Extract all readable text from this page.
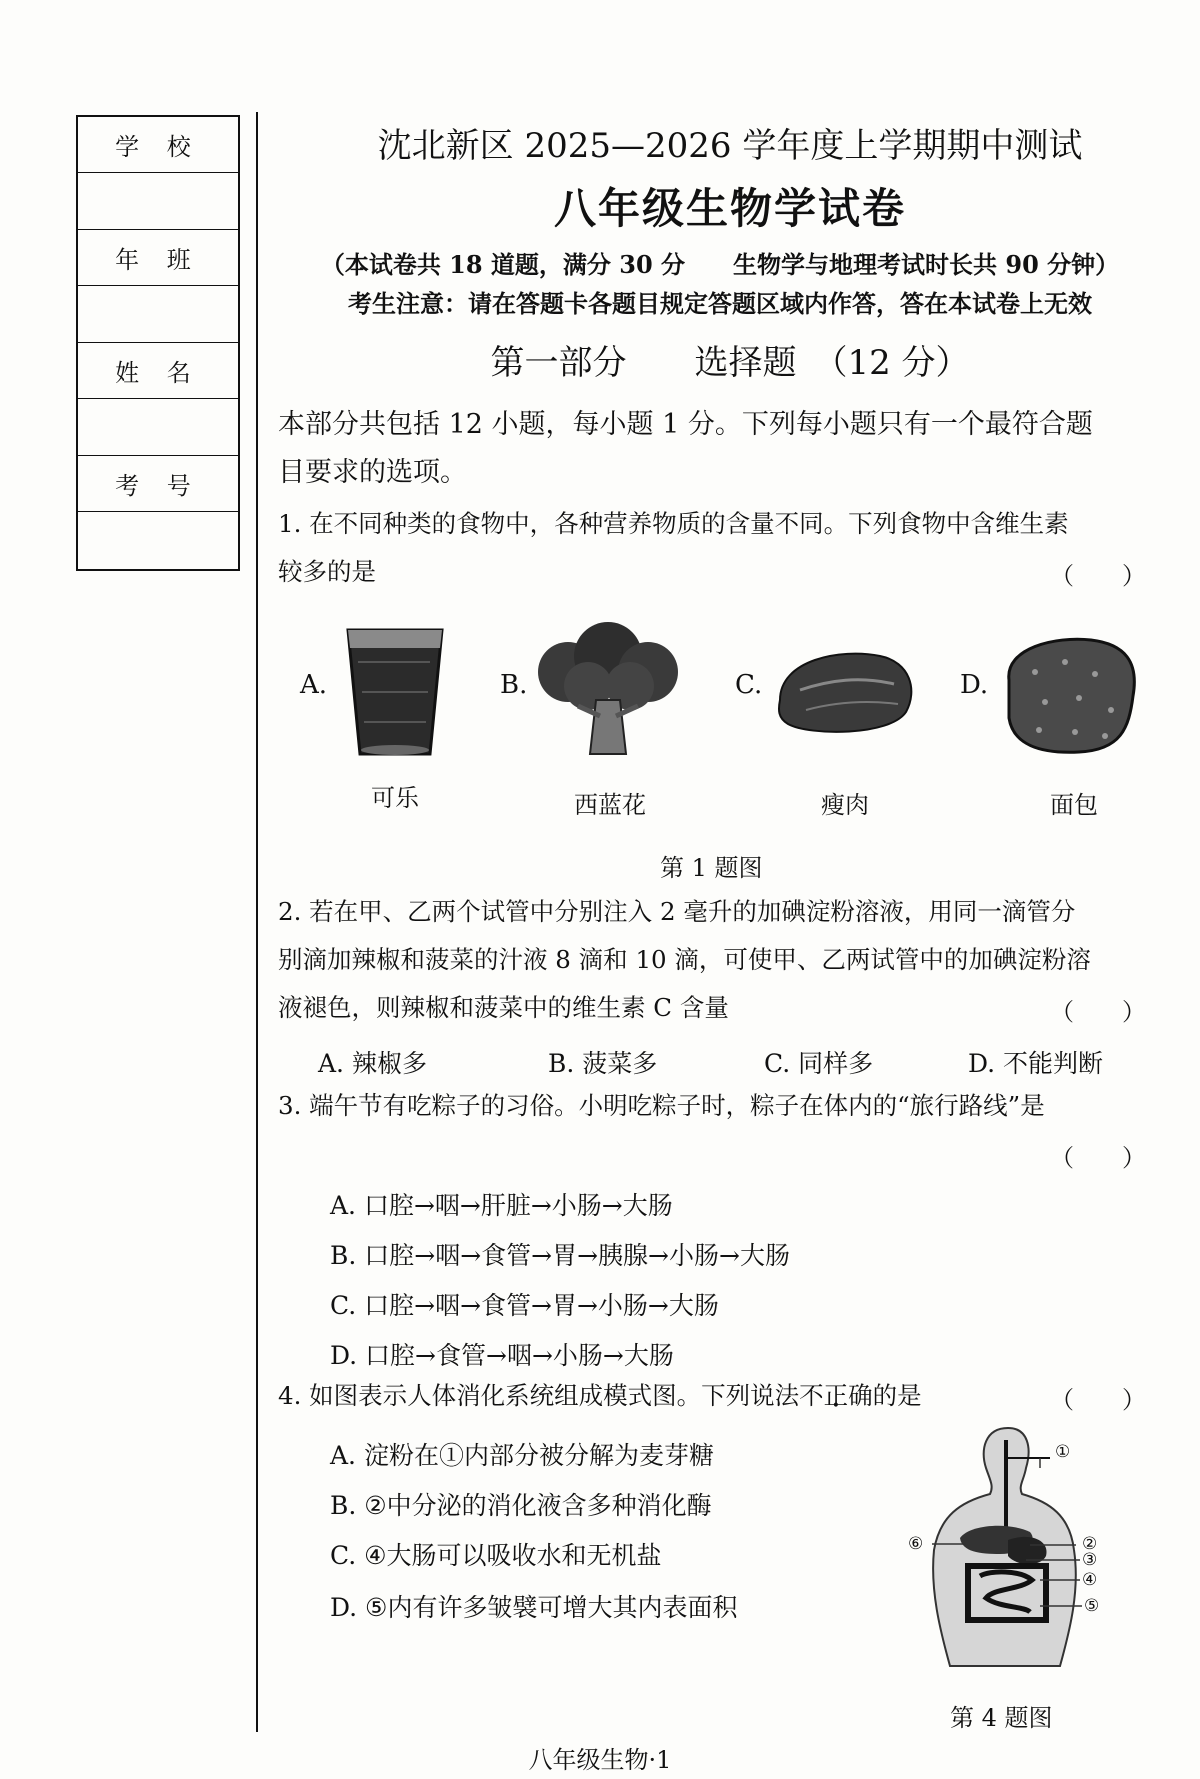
学 校
年 班
姓 名
考 号
沈北新区 2025—2026 学年度上学期期中测试
八年级生物学试卷
（本试卷共 18 道题，满分 30 分　　生物学与地理考试时长共 90 分钟）
考生注意：请在答题卡各题目规定答题区域内作答，答在本试卷上无效
第一部分　　选择题　（12 分）
本部分共包括 12 小题，每小题 1 分。下列每小题只有一个最符合题
目要求的选项。
1. 在不同种类的食物中，各种营养物质的含量不同。下列食物中含维生素
较多的是	（　　）
A.	B.	C.	D.
可乐	西蓝花	瘦肉	面包
第 1 题图
2. 若在甲、乙两个试管中分别注入 2 毫升的加碘淀粉溶液，用同一滴管分
别滴加辣椒和菠菜的汁液 8 滴和 10 滴，可使甲、乙两试管中的加碘淀粉溶
液褪色，则辣椒和菠菜中的维生素 C 含量	（　　）
A. 辣椒多	B. 菠菜多	C. 同样多	D. 不能判断
3. 端午节有吃粽子的习俗。小明吃粽子时，粽子在体内的“旅行路线”是
（　　）
A. 口腔→咽→肝脏→小肠→大肠
B. 口腔→咽→食管→胃→胰腺→小肠→大肠
C. 口腔→咽→食管→胃→小肠→大肠
D. 口腔→食管→咽→小肠→大肠
4. 如图表示人体消化系统组成模式图。下列说法不正确的是	（　　）
A. 淀粉在①内部分被分解为麦芽糖
B. ②中分泌的消化液含多种消化酶
C. ④大肠可以吸收水和无机盐
D. ⑤内有许多皱襞可增大其内表面积
①
②
③
④
⑤
⑥
第 4 题图
八年级生物·1
